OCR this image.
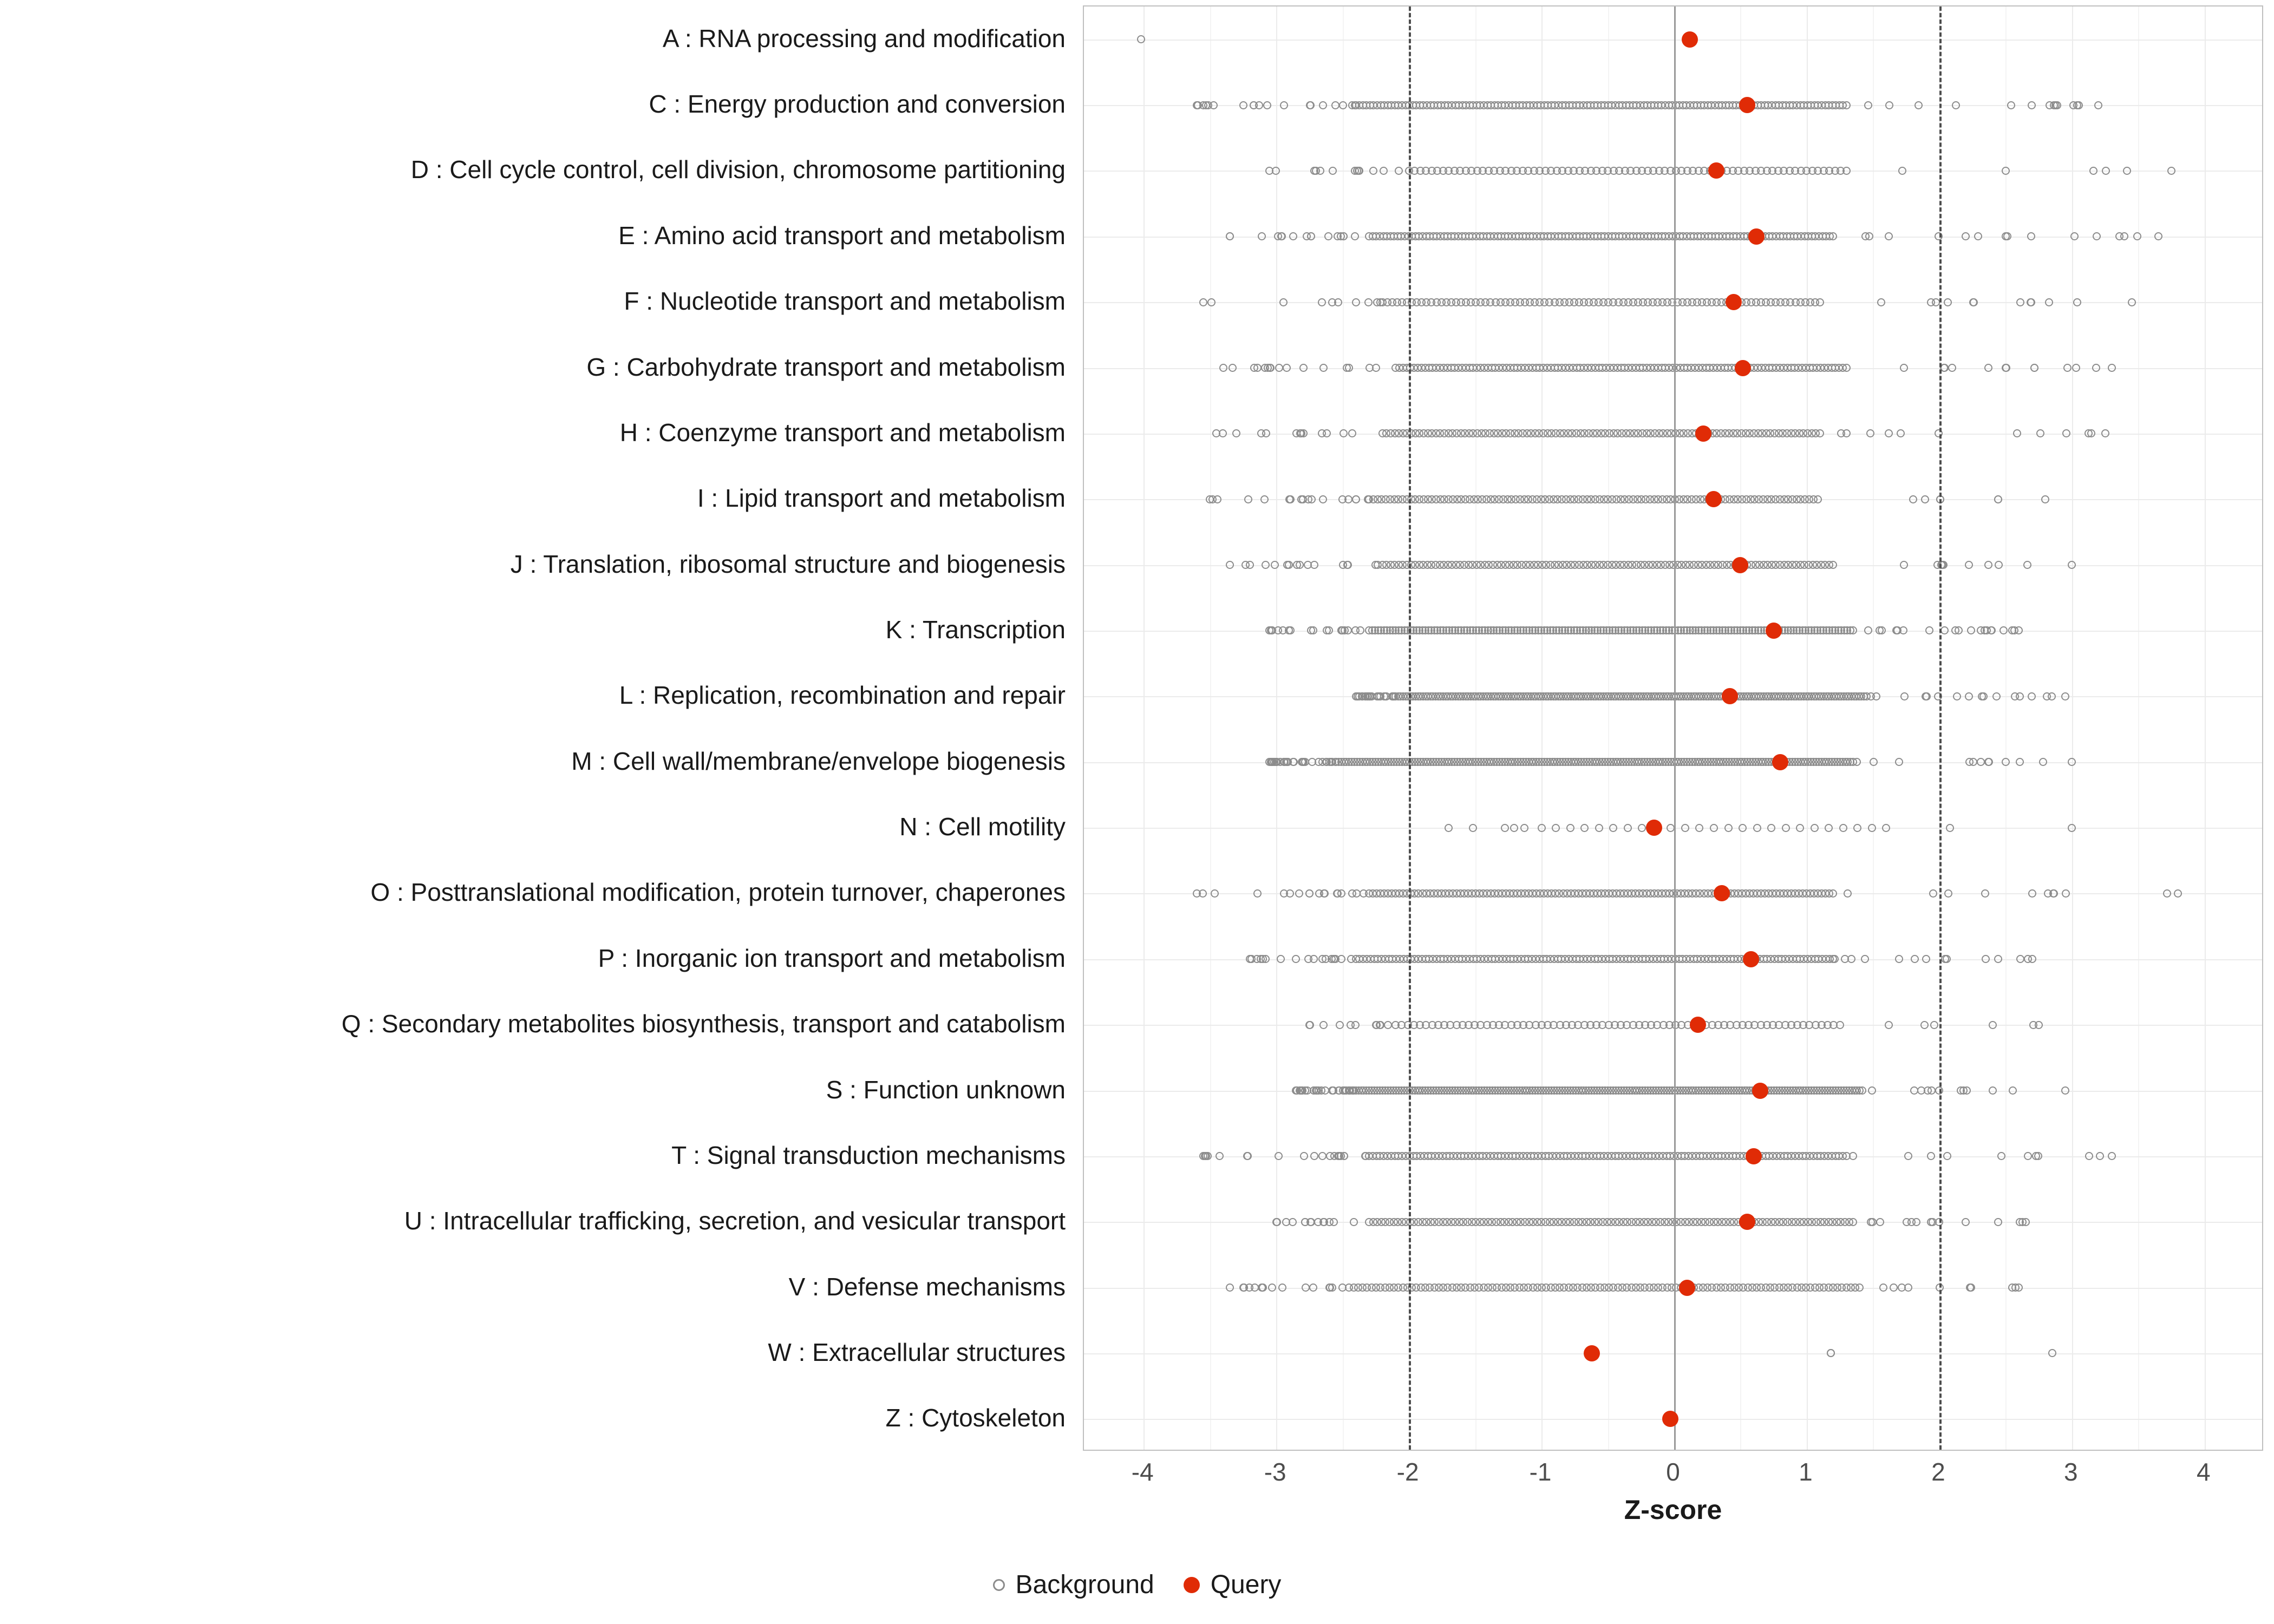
A : RNA processing and modification
C : Energy production and conversion
D : Cell cycle control, cell division, chromosome partitioning
E : Amino acid transport and metabolism
F : Nucleotide transport and metabolism
G : Carbohydrate transport and metabolism
H : Coenzyme transport and metabolism
I : Lipid transport and metabolism
J : Translation, ribosomal structure and biogenesis
K : Transcription
L : Replication, recombination and repair
M : Cell wall/membrane/envelope biogenesis
N : Cell motility
O : Posttranslational modification, protein turnover, chaperones
P : Inorganic ion transport and metabolism
Q : Secondary metabolites biosynthesis, transport and catabolism
S : Function unknown
T : Signal transduction mechanisms
U : Intracellular trafficking, secretion, and vesicular transport
V : Defense mechanisms
W : Extracellular structures
Z : Cytoskeleton
-4	-3	-2	-1	0	1	2	3	4
Z-score
Background Query
